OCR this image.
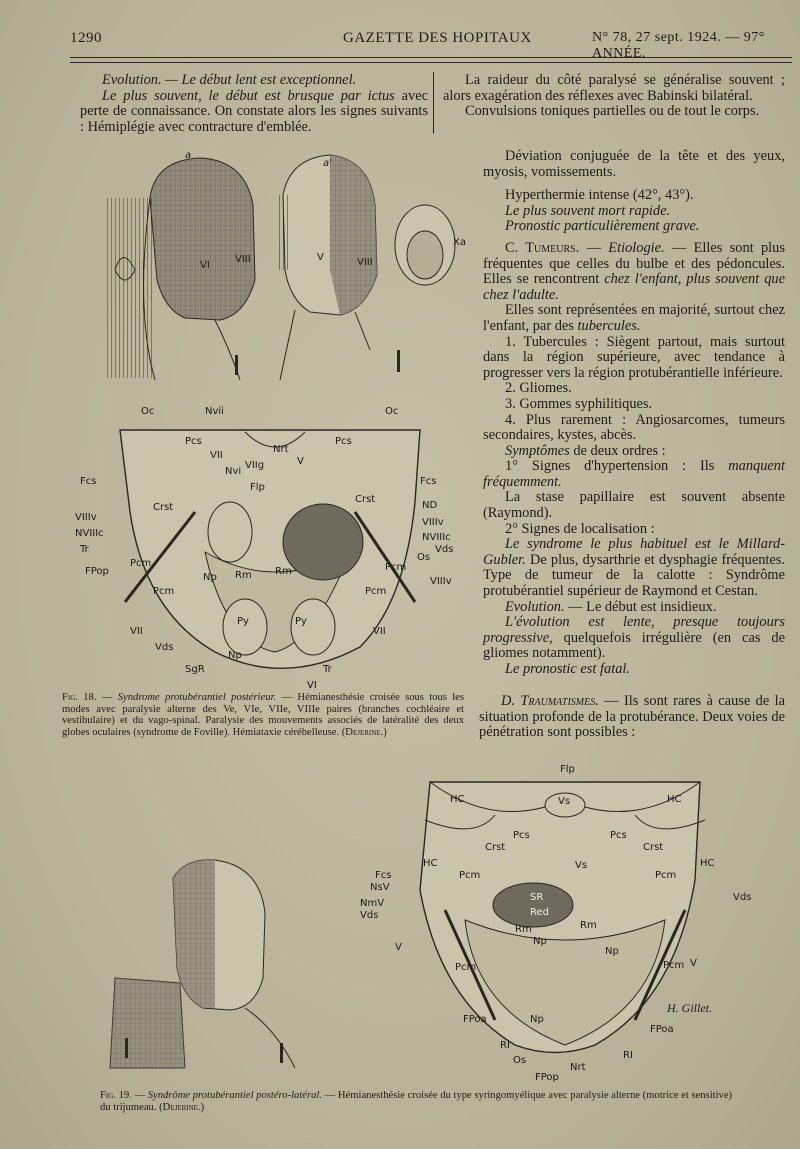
1290	GAZETTE DES HOPITAUX	N° 78, 27 sept. 1924. — 97° ANNÉE.

Evolution. — Le début lent est exceptionnel.

Le plus souvent, le début est brusque par ictus avec perte de connaissance. On constate alors les signes suivants : Hémiplégie avec contracture d'emblée.

La raideur du côté paralysé se généralise souvent ; alors exagération des réflexes avec Babinski bilatéral.

Convulsions toniques partielles ou de tout le corps.

Déviation conjuguée de la tête et des yeux, myosis, vomissements.

Hyperthermie intense (42°, 43°).

Le plus souvent mort rapide.

Pronostic particulièrement grave.

C. Tumeurs. — Etiologie. — Elles sont plus fréquentes que celles du bulbe et des pédoncules. Elles se rencontrent chez l'enfant, plus souvent que chez l'adulte.

Elles sont représentées en majorité, surtout chez l'enfant, par des tubercules.

1. Tubercules : Siègent partout, mais surtout dans la région supérieure, avec tendance à progresser vers la région protubérantielle inférieure.

2. Gliomes.

3. Gommes syphilitiques.

4. Plus rarement : Angiosarcomes, tumeurs secondaires, kystes, abcès.

Symptômes de deux ordres :

1° Signes d'hypertension : Ils manquent fréquemment.

La stase papillaire est souvent absente (Raymond).

2° Signes de localisation :

Le syndrome le plus habituel est le Millard-Gubler. De plus, dysarthrie et dysphagie fréquentes. Type de tumeur de la calotte : Syndrôme protubérantiel supérieur de Raymond et Cestan.

Evolution. — Le début est insidieux.

L'évolution est lente, presque toujours progressive, quelquefois irrégulière (en cas de gliomes notamment).

Le pronostic est fatal.

D. Traumatismes. — Ils sont rares à cause de la situation profonde de la protubérance. Deux voies de pénétration sont possibles :

a
a'
VI
VIII	V	VIII
Xa
Oc	Nvii	Oc
Pcs	Pcs
Nrt
VII
Nvi
VIIg	V
Flp
Fcs	Fcs
Crst
Crst
ND
VIIIv	VIIIv
NVIIIc	NVIIIc
Tr
Os
Vds
FPop
Pcm
Np Rm Rm	Pcm
VIIIv
Pcm	Pcm
VII	VII
Vds
Py	Py
Np
SgR	Tr
VI
Fig. 18. — Syndrome protubérantiel postérieur. — Hémianesthésie croisée sous tous les modes avec paralysie alterne des Ve, VIe, VIIe, VIIIe paires (branches cochléaire et vestibulaire) et du vago-spinal. Paralysie des mouvements associés de latéralité des deux globes oculaires (syndrome de Foville). Hémiataxie cérébelleuse. (Dejerine.)
Flp
HC	Vs	HC
Pcs	Pcs
Crst	Crst
HC	Vs	HC
Pcm	Pcm
Fcs
NsV
NmV
Vds
SR
Red
Rm	Rm
Vds
V
Np
Np
V
Pcm	Pcm
FPoa	Np
FPoa
RI
RI
Os
Nrt
FPop
H. Gillet.
Fig. 19. — Syndrôme protubérantiel postéro-latéral. — Hémianesthésie croisée du type syringomyélique avec paralysie alterne (motrice et sensitive) du trijumeau. (Dejerine.)
